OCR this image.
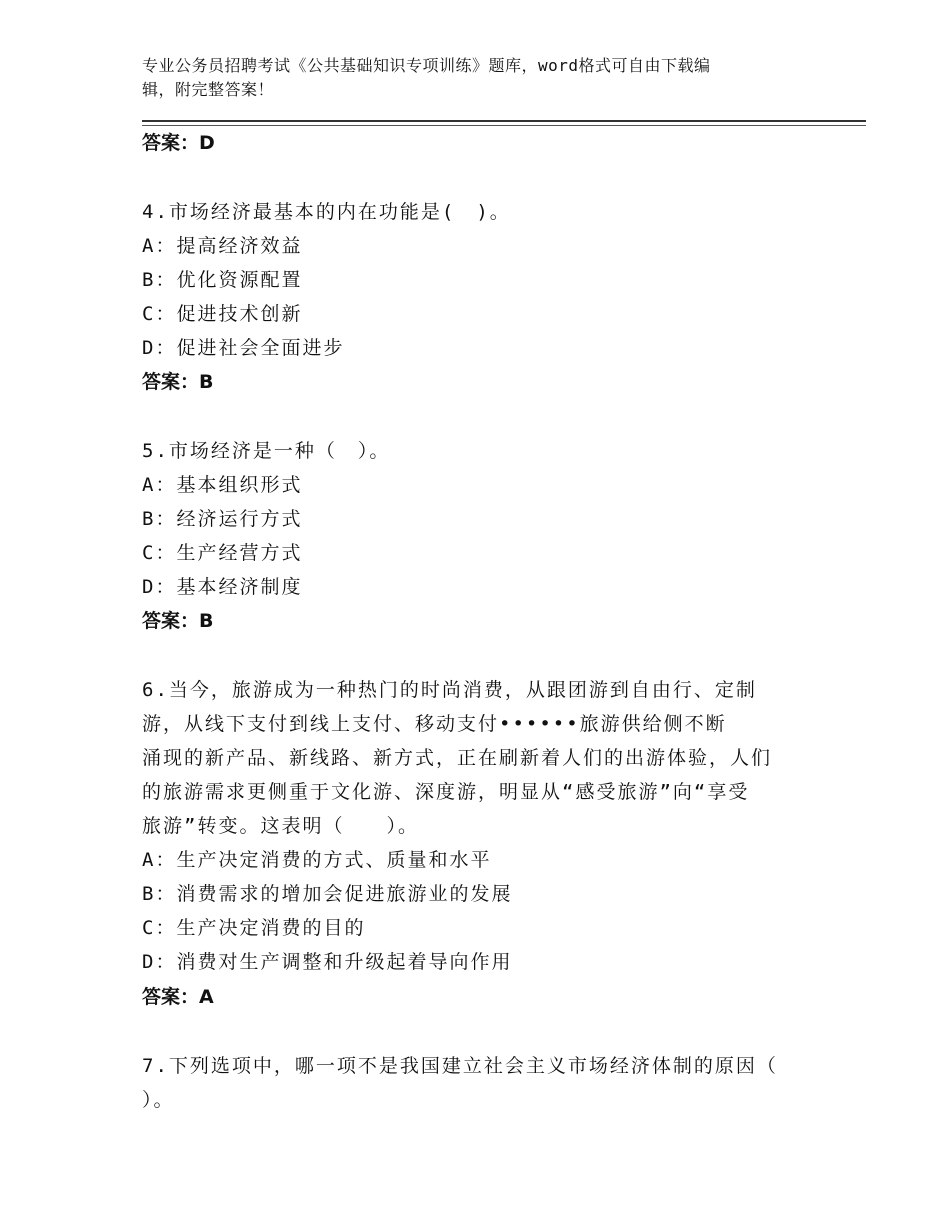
专业公务员招聘考试《公共基础知识专项训练》题库，word格式可自由下载编
辑，附完整答案！
答案：D
4.市场经济最基本的内在功能是(　)。
A：提高经济效益
B：优化资源配置
C：促进技术创新
D：促进社会全面进步
答案：B
5.市场经济是一种（　）。
A：基本组织形式
B：经济运行方式
C：生产经营方式
D：基本经济制度
答案：B
6.当今，旅游成为一种热门的时尚消费，从跟团游到自由行、定制
游，从线下支付到线上支付、移动支付••••••旅游供给侧不断
涌现的新产品、新线路、新方式，正在刷新着人们的出游体验，人们
的旅游需求更侧重于文化游、深度游，明显从“感受旅游”向“享受
旅游”转变。这表明（　　）。
A：生产决定消费的方式、质量和水平
B：消费需求的增加会促进旅游业的发展
C：生产决定消费的目的
D：消费对生产调整和升级起着导向作用
答案：A
7.下列选项中，哪一项不是我国建立社会主义市场经济体制的原因（
）。
